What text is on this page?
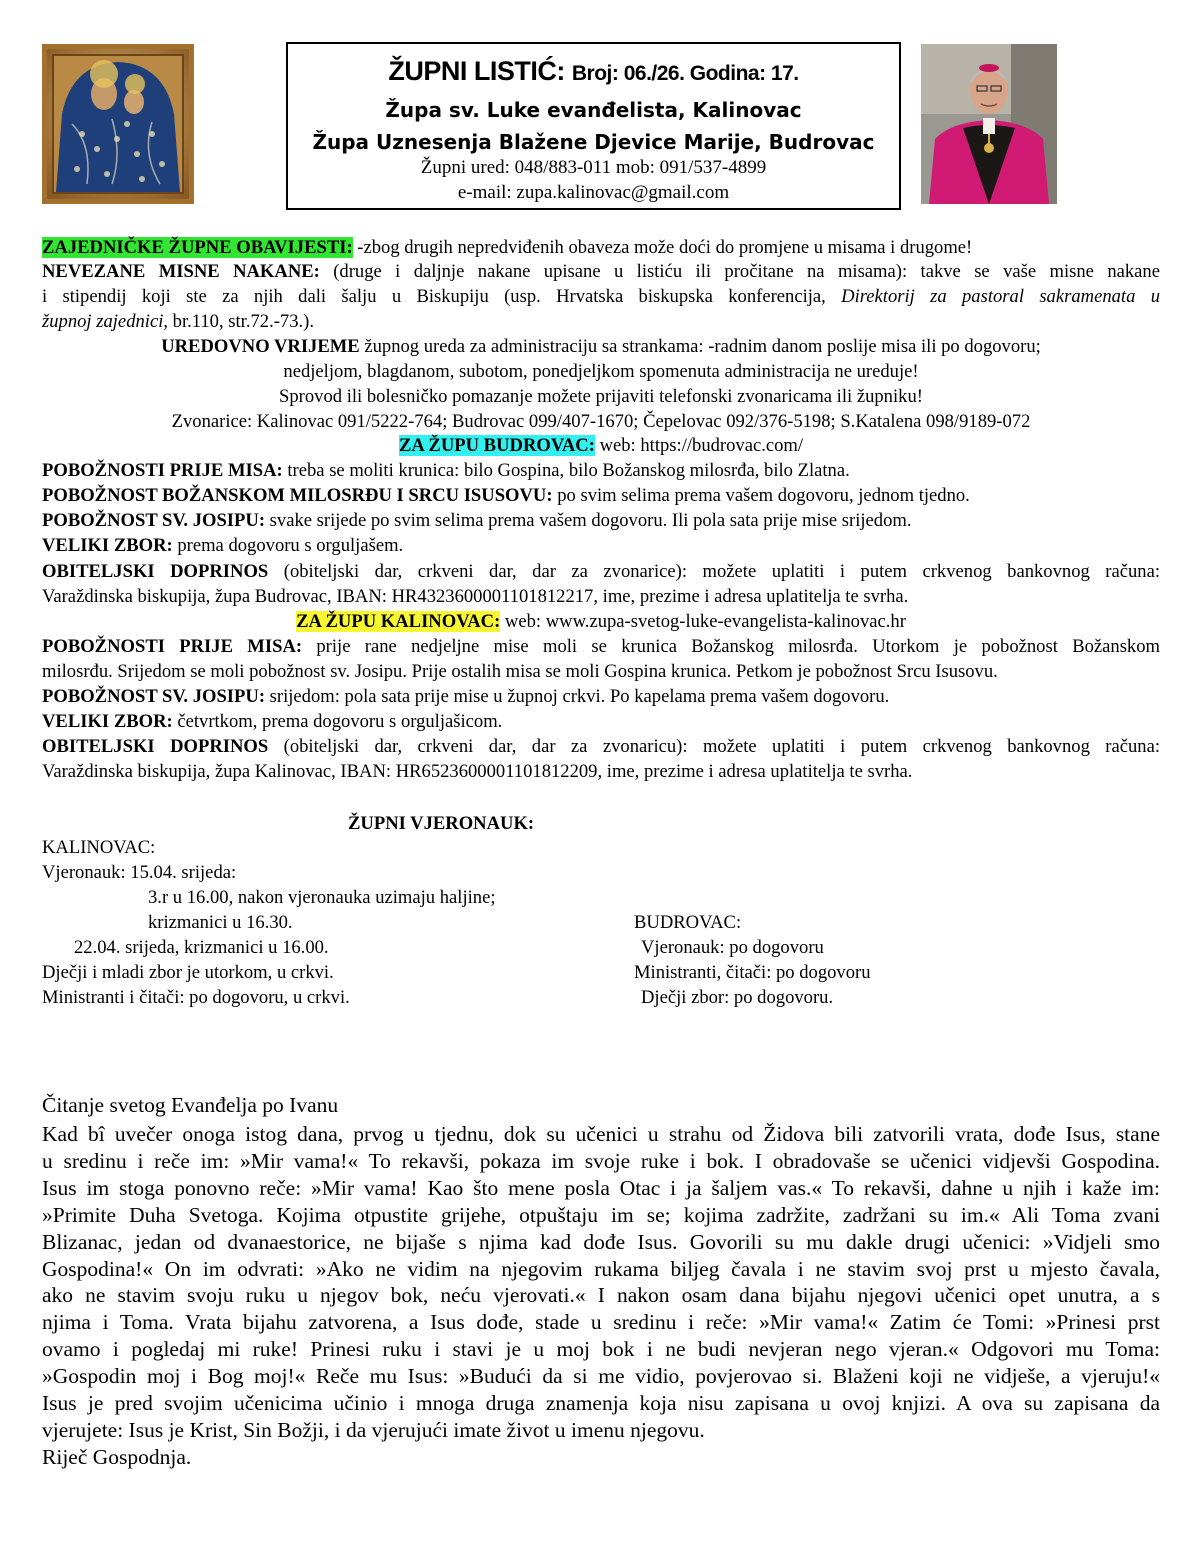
ŽUPNI LISTIĆ: Broj: 06./26. Godina: 17.
Župa sv. Luke evanđelista, Kalinovac
Župa Uznesenja Blažene Djevice Marije, Budrovac
Župni ured: 048/883-011 mob: 091/537-4899
e-mail: zupa.kalinovac@gmail.com
ZAJEDNIČKE ŽUPNE OBAVIJESTI: -zbog drugih nepredviđenih obaveza može doći do promjene u misama i drugome!
NEVEZANE MISNE NAKANE: (druge i daljnje nakane upisane u listiću ili pročitane na misama): takve se vaše misne nakane
i stipendij koji ste za njih dali šalju u Biskupiju (usp. Hrvatska biskupska konferencija, Direktorij za pastoral sakramenata u
župnoj zajednici, br.110, str.72.-73.).
UREDOVNO VRIJEME župnog ureda za administraciju sa strankama: -radnim danom poslije misa ili po dogovoru;
nedjeljom, blagdanom, subotom, ponedjeljkom spomenuta administracija ne ureduje!
Sprovod ili bolesničko pomazanje možete prijaviti telefonski zvonaricama ili župniku!
Zvonarice: Kalinovac 091/5222-764; Budrovac 099/407-1670; Čepelovac 092/376-5198; S.Katalena 098/9189-072
ZA ŽUPU BUDROVAC: web: https://budrovac.com/
POBOŽNOSTI PRIJE MISA: treba se moliti krunica: bilo Gospina, bilo Božanskog milosrđa, bilo Zlatna.
POBOŽNOST BOŽANSKOM MILOSRĐU I SRCU ISUSOVU: po svim selima prema vašem dogovoru, jednom tjedno.
POBOŽNOST SV. JOSIPU: svake srijede po svim selima prema vašem dogovoru. Ili pola sata prije mise srijedom.
VELIKI ZBOR: prema dogovoru s orguljašem.
OBITELJSKI DOPRINOS (obiteljski dar, crkveni dar, dar za zvonarice): možete uplatiti i putem crkvenog bankovnog računa:
Varaždinska biskupija, župa Budrovac, IBAN: HR4323600001101812217, ime, prezime i adresa uplatitelja te svrha.
ZA ŽUPU KALINOVAC: web: www.zupa-svetog-luke-evangelista-kalinovac.hr
POBOŽNOSTI PRIJE MISA: prije rane nedjeljne mise moli se krunica Božanskog milosrđa. Utorkom je pobožnost Božanskom
milosrđu. Srijedom se moli pobožnost sv. Josipu. Prije ostalih misa se moli Gospina krunica. Petkom je pobožnost Srcu Isusovu.
POBOŽNOST SV. JOSIPU: srijedom: pola sata prije mise u župnoj crkvi. Po kapelama prema vašem dogovoru.
VELIKI ZBOR: četvrtkom, prema dogovoru s orguljašicom.
OBITELJSKI DOPRINOS (obiteljski dar, crkveni dar, dar za zvonaricu): možete uplatiti i putem crkvenog bankovnog računa:
Varaždinska biskupija, župa Kalinovac, IBAN: HR6523600001101812209, ime, prezime i adresa uplatitelja te svrha.
ŽUPNI VJERONAUK:
KALINOVAC:
Vjeronauk: 15.04. srijeda:
3.r u 16.00, nakon vjeronauka uzimaju haljine;
krizmanici u 16.30.
22.04. srijeda, krizmanici u 16.00.
Dječji i mladi zbor je utorkom, u crkvi.
Ministranti i čitači: po dogovoru, u crkvi.
BUDROVAC:
Vjeronauk: po dogovoru
Ministranti, čitači: po dogovoru
Dječji zbor: po dogovoru.
Čitanje svetog Evanđelja po Ivanu
Kad bî uvečer onoga istog dana, prvog u tjednu, dok su učenici u strahu od Židova bili zatvorili vrata, dođe Isus, stane
u sredinu i reče im: »Mir vama!« To rekavši, pokaza im svoje ruke i bok. I obradovaše se učenici vidjevši Gospodina.
Isus im stoga ponovno reče: »Mir vama! Kao što mene posla Otac i ja šaljem vas.« To rekavši, dahne u njih i kaže im:
»Primite Duha Svetoga. Kojima otpustite grijehe, otpuštaju im se; kojima zadržite, zadržani su im.« Ali Toma zvani
Blizanac, jedan od dvanaestorice, ne bijaše s njima kad dođe Isus. Govorili su mu dakle drugi učenici: »Vidjeli smo
Gospodina!« On im odvrati: »Ako ne vidim na njegovim rukama biljeg čavala i ne stavim svoj prst u mjesto čavala,
ako ne stavim svoju ruku u njegov bok, neću vjerovati.« I nakon osam dana bijahu njegovi učenici opet unutra, a s
njima i Toma. Vrata bijahu zatvorena, a Isus dođe, stade u sredinu i reče: »Mir vama!« Zatim će Tomi: »Prinesi prst
ovamo i pogledaj mi ruke! Prinesi ruku i stavi je u moj bok i ne budi nevjeran nego vjeran.« Odgovori mu Toma:
»Gospodin moj i Bog moj!« Reče mu Isus: »Budući da si me vidio, povjerovao si. Blaženi koji ne vidješe, a vjeruju!«
Isus je pred svojim učenicima učinio i mnoga druga znamenja koja nisu zapisana u ovoj knjizi. A ova su zapisana da
vjerujete: Isus je Krist, Sin Božji, i da vjerujući imate život u imenu njegovu.
Riječ Gospodnja.
